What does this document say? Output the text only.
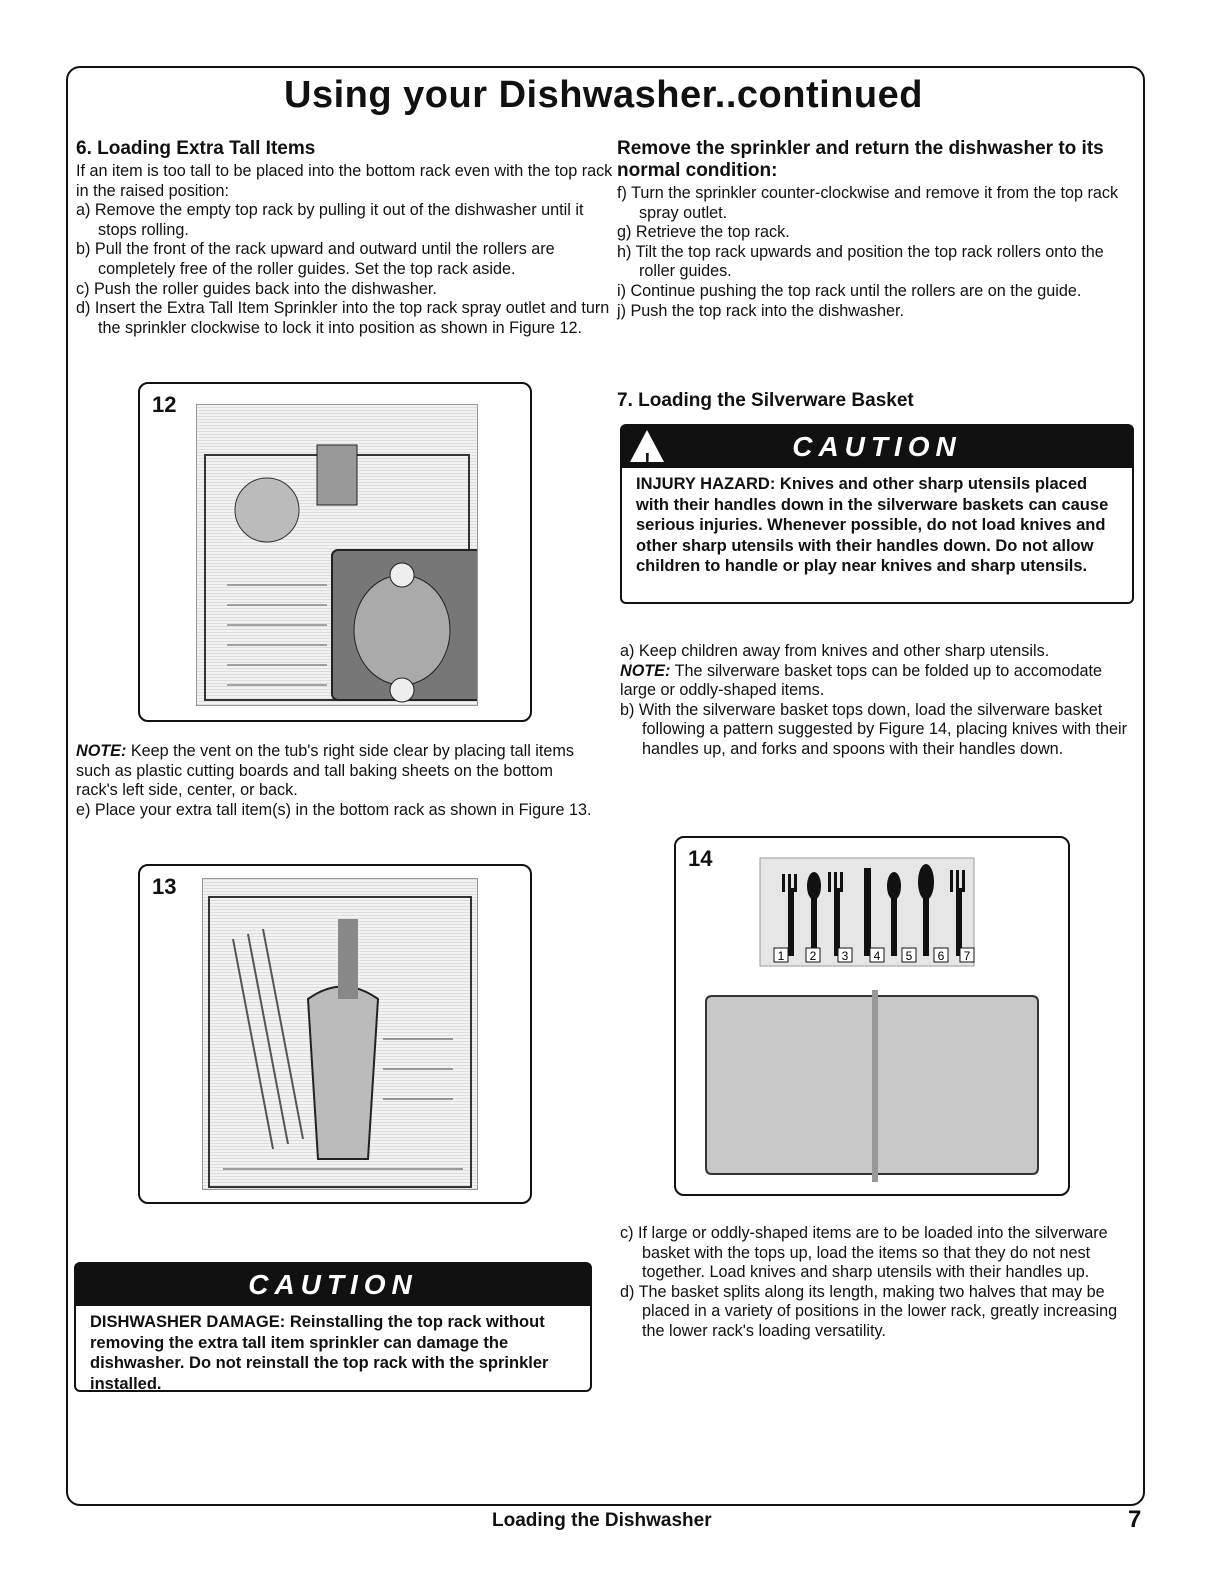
Using your Dishwasher..continued
6. Loading Extra Tall Items

If an item is too tall to be placed into the bottom rack even with the top rack in the raised position:

a) Remove the empty top rack by pulling it out of the dishwasher until it stops rolling.

b) Pull the front of the rack upward and outward until the rollers are completely free of the roller guides. Set the top rack aside.

c) Push the roller guides back into the dishwasher.

d) Insert the Extra Tall Item Sprinkler into the top rack spray outlet and turn the sprinkler clockwise to lock it into position as shown in Figure 12.

12

NOTE: Keep the vent on the tub's right side clear by placing tall items such as plastic cutting boards and tall baking sheets on the bottom rack's left side, center, or back.

e) Place your extra tall item(s) in the bottom rack as shown in Figure 13.

13
CAUTION
DISHWASHER DAMAGE: Reinstalling the top rack without removing the extra tall item sprinkler can damage the dishwasher. Do not reinstall the top rack with the sprinkler installed.
Remove the sprinkler and return the dishwasher to its normal condition:

f) Turn the sprinkler counter-clockwise and remove it from the top rack spray outlet.

g) Retrieve the top rack.

h) Tilt the top rack upwards and position the top rack rollers onto the roller guides.

i) Continue pushing the top rack until the rollers are on the guide.

j) Push the top rack into the dishwasher.

7. Loading the Silverware Basket
!	CAUTION
INJURY HAZARD: Knives and other sharp utensils placed with their handles down in the silverware baskets can cause serious injuries. Whenever possible, do not load knives and other sharp utensils with their handles down. Do not allow children to handle or play near knives and sharp utensils.

a) Keep children away from knives and other sharp utensils.

NOTE: The silverware basket tops can be folded up to accomodate large or oddly-shaped items.

b) With the silverware basket tops down, load the silverware basket following a pattern suggested by Figure 14, placing knives with their handles up, and forks and spoons with their handles down.

14
1 2 3 4 5 6 7

c) If large or oddly-shaped items are to be loaded into the silverware basket with the tops up, load the items so that they do not nest together. Load knives and sharp utensils with their handles up.

d) The basket splits along its length, making two halves that may be placed in a variety of positions in the lower rack, greatly increasing the lower rack's loading versatility.

Loading the Dishwasher	7
